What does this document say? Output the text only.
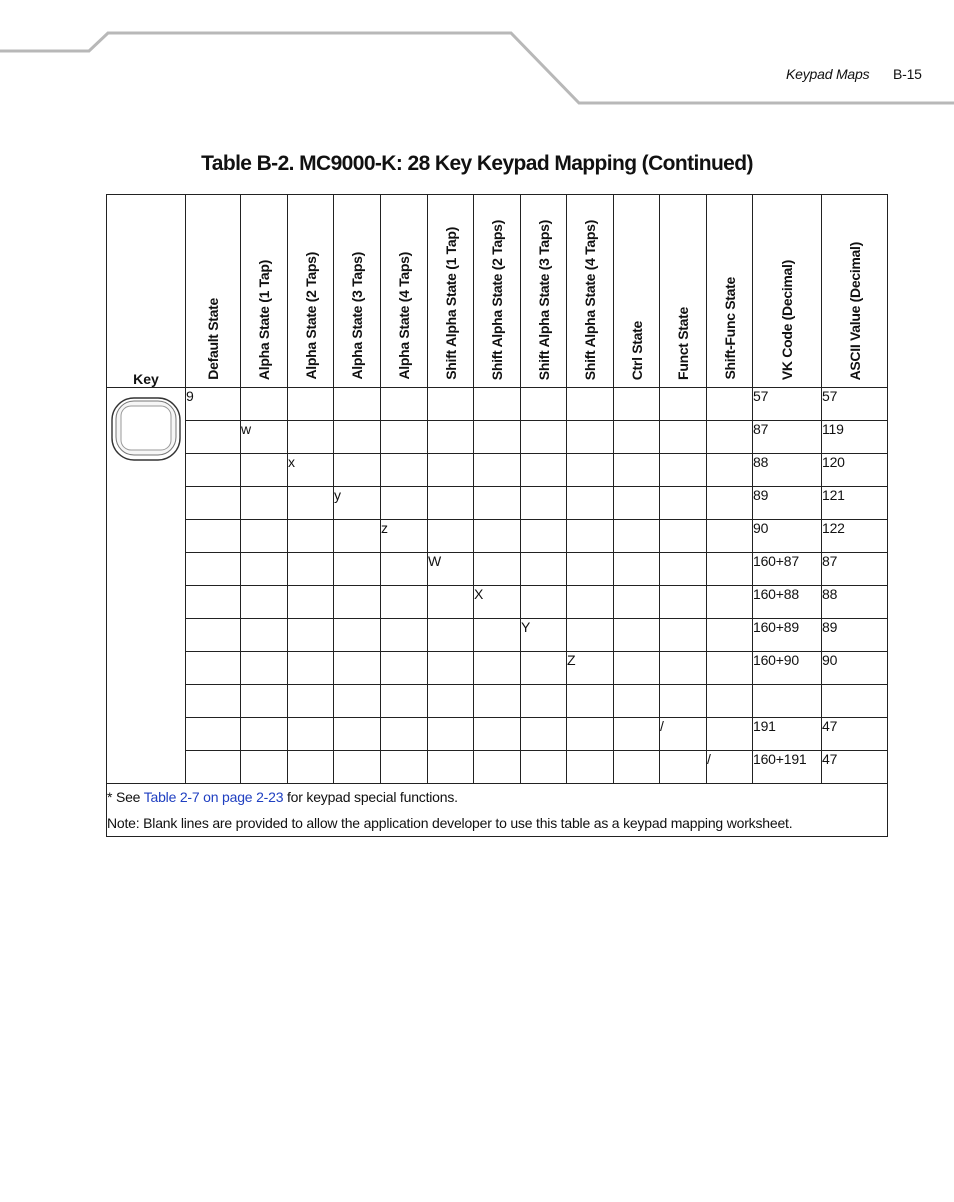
Keypad Maps B-15
Table B-2. MC9000-K: 28 Key Keypad Mapping (Continued)
Key	Default State	Alpha State (1 Tap)	Alpha State (2 Taps)	Alpha State (3 Taps)	Alpha State (4 Taps)	Shift Alpha State (1 Tap)	Shift Alpha State (2 Taps)	Shift Alpha State (3 Taps)	Shift Alpha State (4 Taps)	Ctrl State	Funct State	Shift-Func State	VK Code (Decimal)	ASCII Value (Decimal)

	9												57	57
		w											87	119
			x										88	120
				y									89	121
					z								90	122
						W							160+87	87
							X						160+88	88
								Y					160+89	89
									Z				160+90	90

											/		191	47
												/	160+191	47

* See Table 2-7 on page 2-23 for keypad special functions.
Note: Blank lines are provided to allow the application developer to use this table as a keypad mapping worksheet.														
